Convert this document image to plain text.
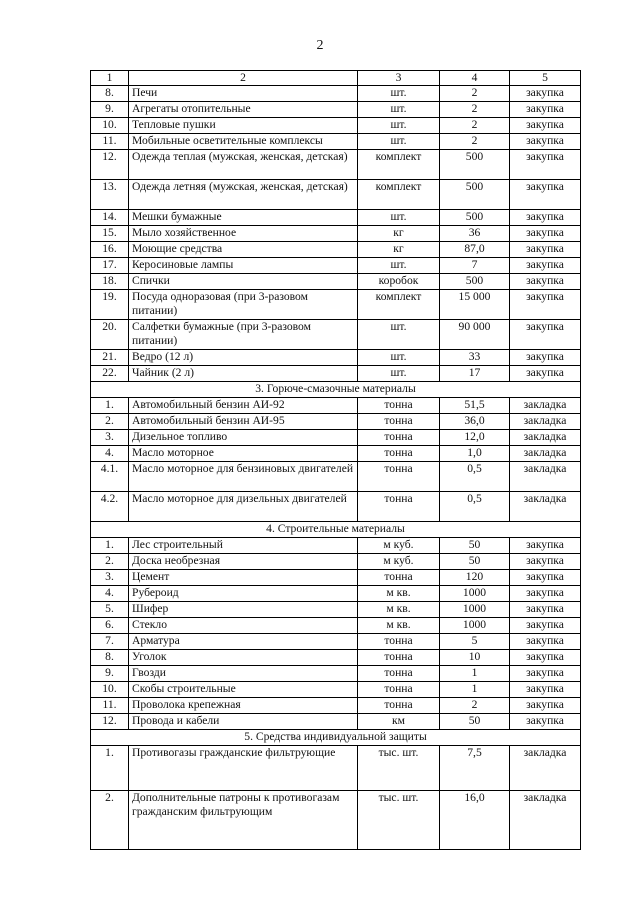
2
1	2	3	4	5
8.	Печи	шт.	2	закупка
9.	Агрегаты отопительные	шт.	2	закупка
10.	Тепловые пушки	шт.	2	закупка
11.	Мобильные осветительные комплексы	шт.	2	закупка
12.	Одежда теплая (мужская, женская, детская)	комплект	500	закупка
13.	Одежда летняя (мужская, женская, детская)	комплект	500	закупка
14.	Мешки бумажные	шт.	500	закупка
15.	Мыло хозяйственное	кг	36	закупка
16.	Моющие средства	кг	87,0	закупка
17.	Керосиновые лампы	шт.	7	закупка
18.	Спички	коробок	500	закупка
19.	Посуда одноразовая (при 3-разовом питании)	комплект	15 000	закупка
20.	Салфетки бумажные (при 3-разовом питании)	шт.	90 000	закупка
21.	Ведро (12 л)	шт.	33	закупка
22.	Чайник (2 л)	шт.	17	закупка
3. Горюче-смазочные материалы				
1.	Автомобильный бензин АИ-92	тонна	51,5	закладка
2.	Автомобильный бензин АИ-95	тонна	36,0	закладка
3.	Дизельное топливо	тонна	12,0	закладка
4.	Масло моторное	тонна	1,0	закладка
4.1.	Масло моторное для бензиновых двигателей	тонна	0,5	закладка
4.2.	Масло моторное для дизельных двигателей	тонна	0,5	закладка
4. Строительные материалы				
1.	Лес строительный	м куб.	50	закупка
2.	Доска необрезная	м куб.	50	закупка
3.	Цемент	тонна	120	закупка
4.	Рубероид	м кв.	1000	закупка
5.	Шифер	м кв.	1000	закупка
6.	Стекло	м кв.	1000	закупка
7.	Арматура	тонна	5	закупка
8.	Уголок	тонна	10	закупка
9.	Гвозди	тонна	1	закупка
10.	Скобы строительные	тонна	1	закупка
11.	Проволока крепежная	тонна	2	закупка
12.	Провода и кабели	км	50	закупка
5. Средства индивидуальной защиты				
1.	Противогазы гражданские фильтрующие	тыс. шт.	7,5	закладка
2.	Дополнительные патроны к противогазам гражданским фильтрующим	тыс. шт.	16,0	закладка
